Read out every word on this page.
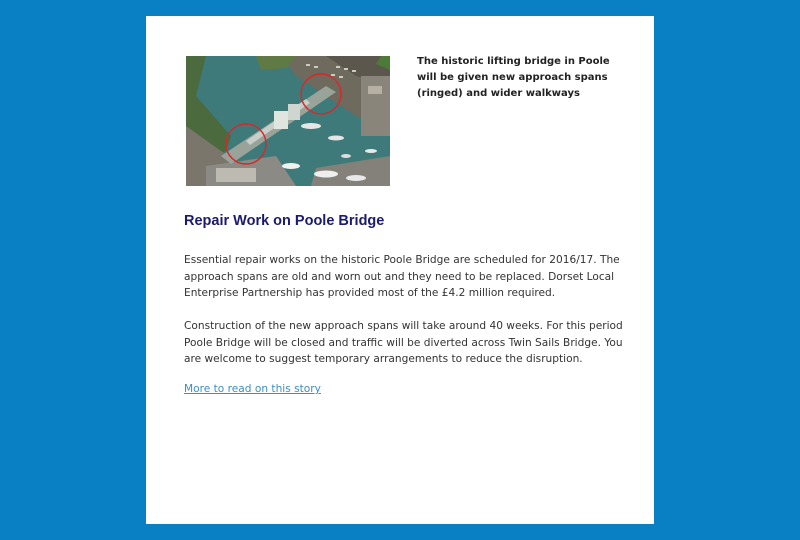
The historic lifting bridge in Poole will be given new approach spans (ringed) and wider walkways
Repair Work on Poole Bridge

Essential repair works on the historic Poole Bridge are scheduled for 2016/17. The approach spans are old and worn out and they need to be replaced. Dorset Local Enterprise Partnership has provided most of the £4.2 million required.

Construction of the new approach spans will take around 40 weeks. For this period Poole Bridge will be closed and traffic will be diverted across Twin Sails Bridge. You are welcome to suggest temporary arrangements to reduce the disruption.

More to read on this story
